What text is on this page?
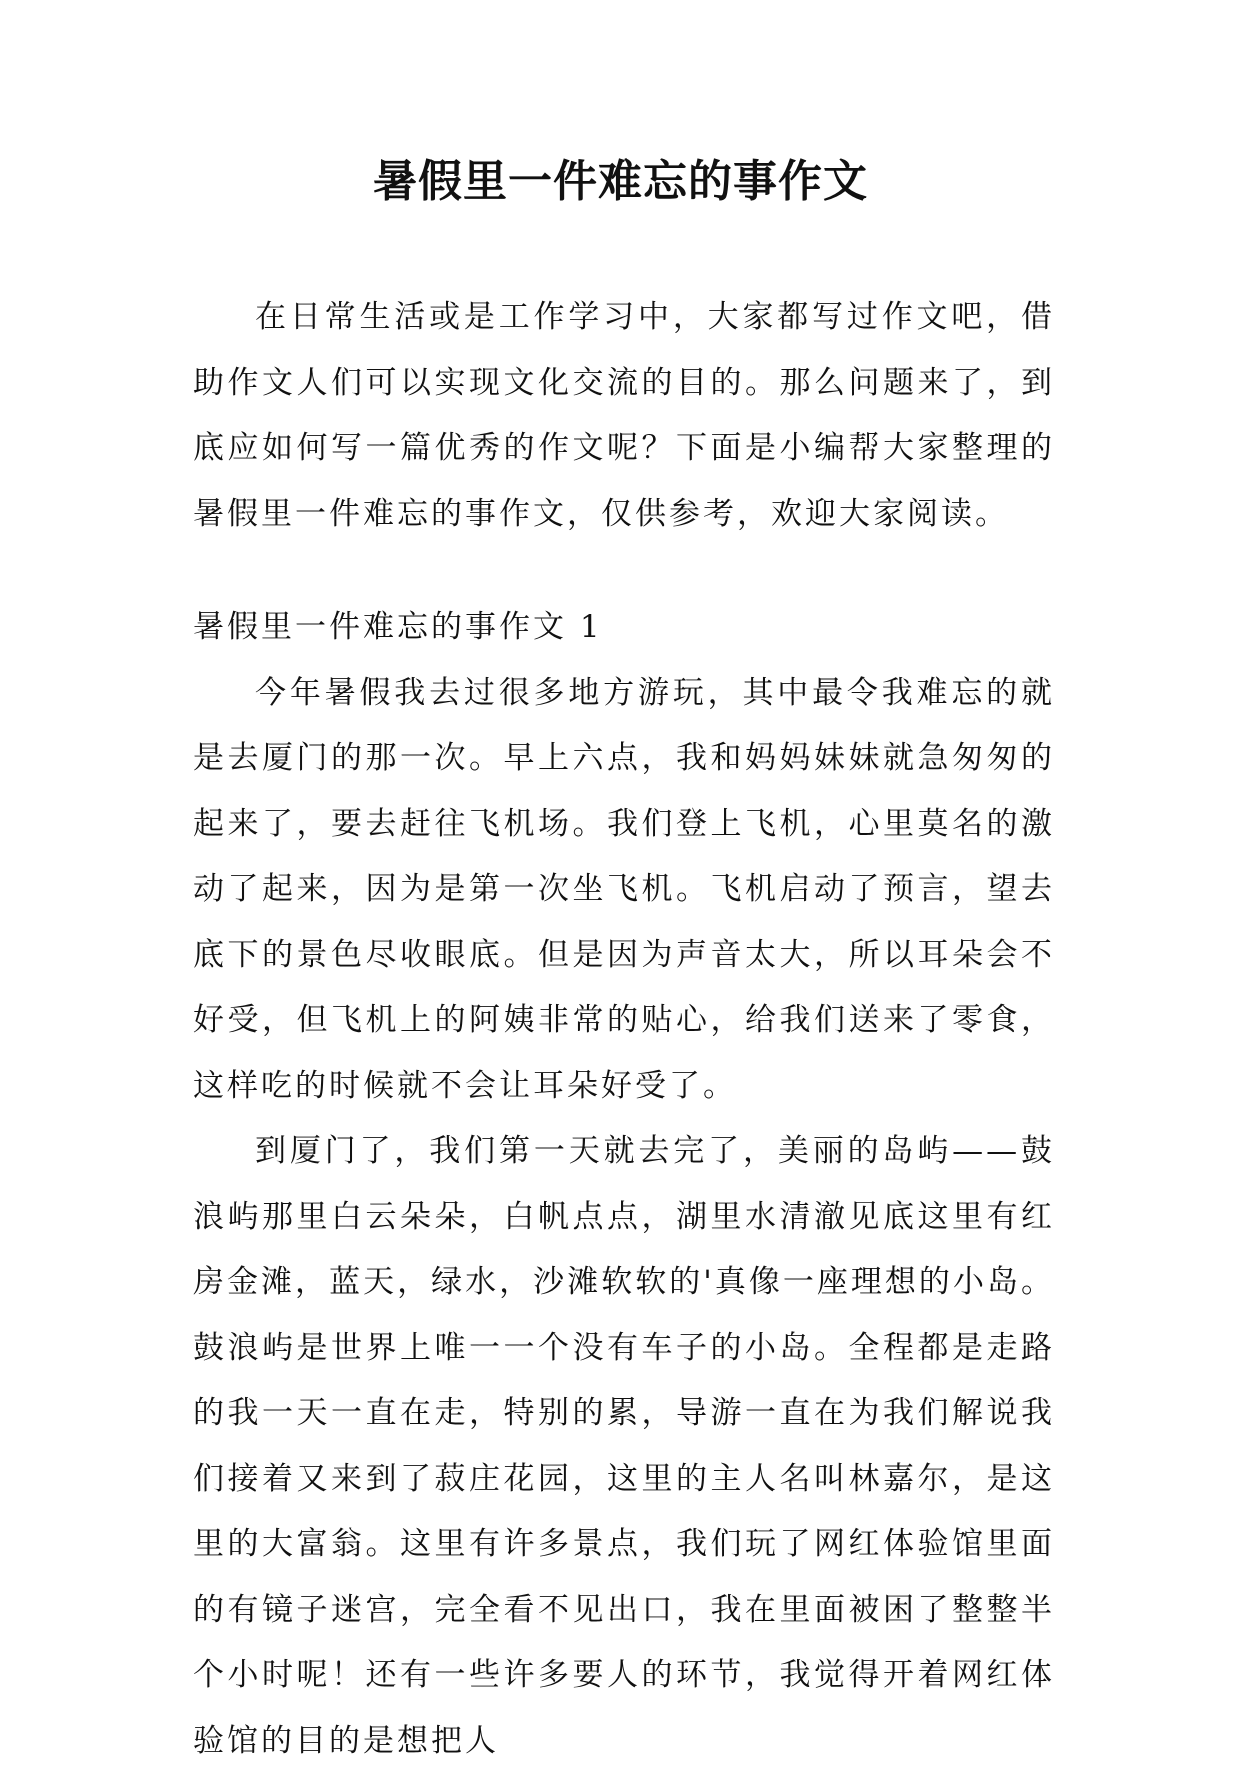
暑假里一件难忘的事作文

在日常生活或是工作学习中，大家都写过作文吧，借助作文人们可以实现文化交流的目的。那么问题来了，到底应如何写一篇优秀的作文呢？下面是小编帮大家整理的暑假里一件难忘的事作文，仅供参考，欢迎大家阅读。

暑假里一件难忘的事作文 1

今年暑假我去过很多地方游玩，其中最令我难忘的就是去厦门的那一次。早上六点，我和妈妈妹妹就急匆匆的起来了，要去赶往飞机场。我们登上飞机，心里莫名的激动了起来，因为是第一次坐飞机。飞机启动了预言，望去底下的景色尽收眼底。但是因为声音太大，所以耳朵会不好受，但飞机上的阿姨非常的贴心，给我们送来了零食，这样吃的时候就不会让耳朵好受了。

到厦门了，我们第一天就去完了，美丽的岛屿——鼓浪屿那里白云朵朵，白帆点点，湖里水清澈见底这里有红房金滩，蓝天，绿水，沙滩软软的'真像一座理想的小岛。鼓浪屿是世界上唯一一个没有车子的小岛。全程都是走路的我一天一直在走，特别的累，导游一直在为我们解说我们接着又来到了菽庄花园，这里的主人名叫林嘉尔，是这里的大富翁。这里有许多景点，我们玩了网红体验馆里面的有镜子迷宫，完全看不见出口，我在里面被困了整整半个小时呢！还有一些许多要人的环节，我觉得开着网红体验馆的目的是想把人
